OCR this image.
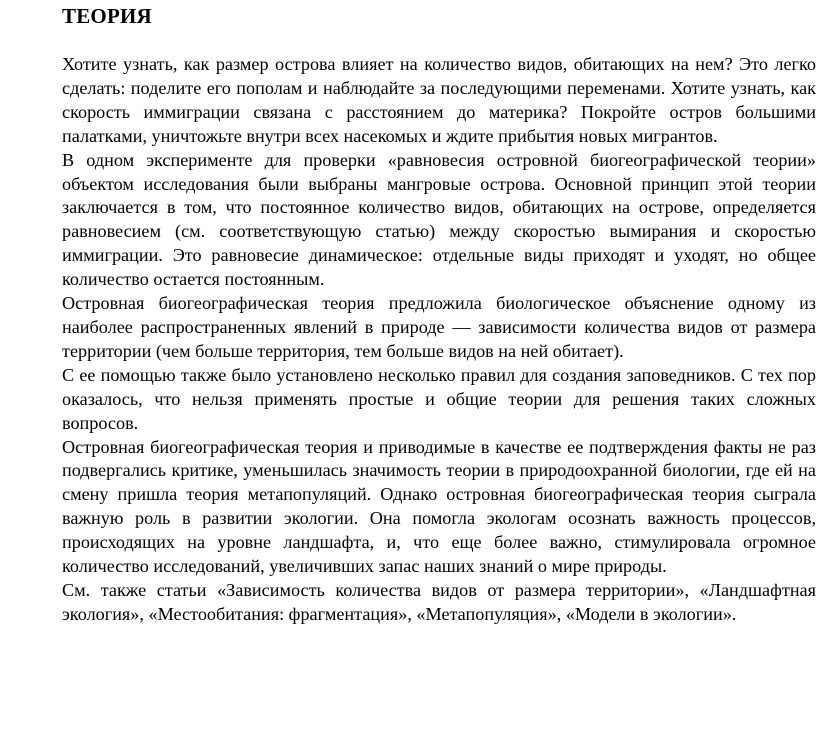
ТЕОРИЯ

Хотите узнать, как размер острова влияет на количество видов, обитающих на нем? Это легко сделать: поделите его пополам и наблюдайте за последующими переменами. Хотите узнать, как скорость иммиграции связана с расстоянием до материка? Покройте остров большими палатками, уничтожьте внутри всех насекомых и ждите прибытия новых мигрантов.

В одном эксперименте для проверки «равновесия островной биогеографической теории» объектом исследования были выбраны мангровые острова. Основной принцип этой теории заключается в том, что постоянное количество видов, обитающих на острове, определяется равновесием (см. соответствующую статью) между скоростью вымирания и скоростью иммиграции. Это равновесие динамическое: отдельные виды приходят и уходят, но общее количество остается постоянным.

Островная биогеографическая теория предложила биологическое объяснение одному из наиболее распространенных явлений в природе — зависимости количества видов от размера территории (чем больше территория, тем больше видов на ней обитает).

С ее помощью также было установлено несколько правил для создания заповедников. С тех пор оказалось, что нельзя применять простые и общие теории для решения таких сложных вопросов.

Островная биогеографическая теория и приводимые в качестве ее подтверждения факты не раз подвергались критике, уменьшилась значимость теории в природоохранной биологии, где ей на смену пришла теория метапопуляций. Однако островная биогеографическая теория сыграла важную роль в развитии экологии. Она помогла экологам осознать важность процессов, происходящих на уровне ландшафта, и, что еще более важно, стимулировала огромное количество исследований, увеличивших запас наших знаний о мире природы.

См. также статьи «Зависимость количества видов от размера территории», «Ландшафтная экология», «Местообитания: фрагментация», «Метапопуляция», «Модели в экологии».
